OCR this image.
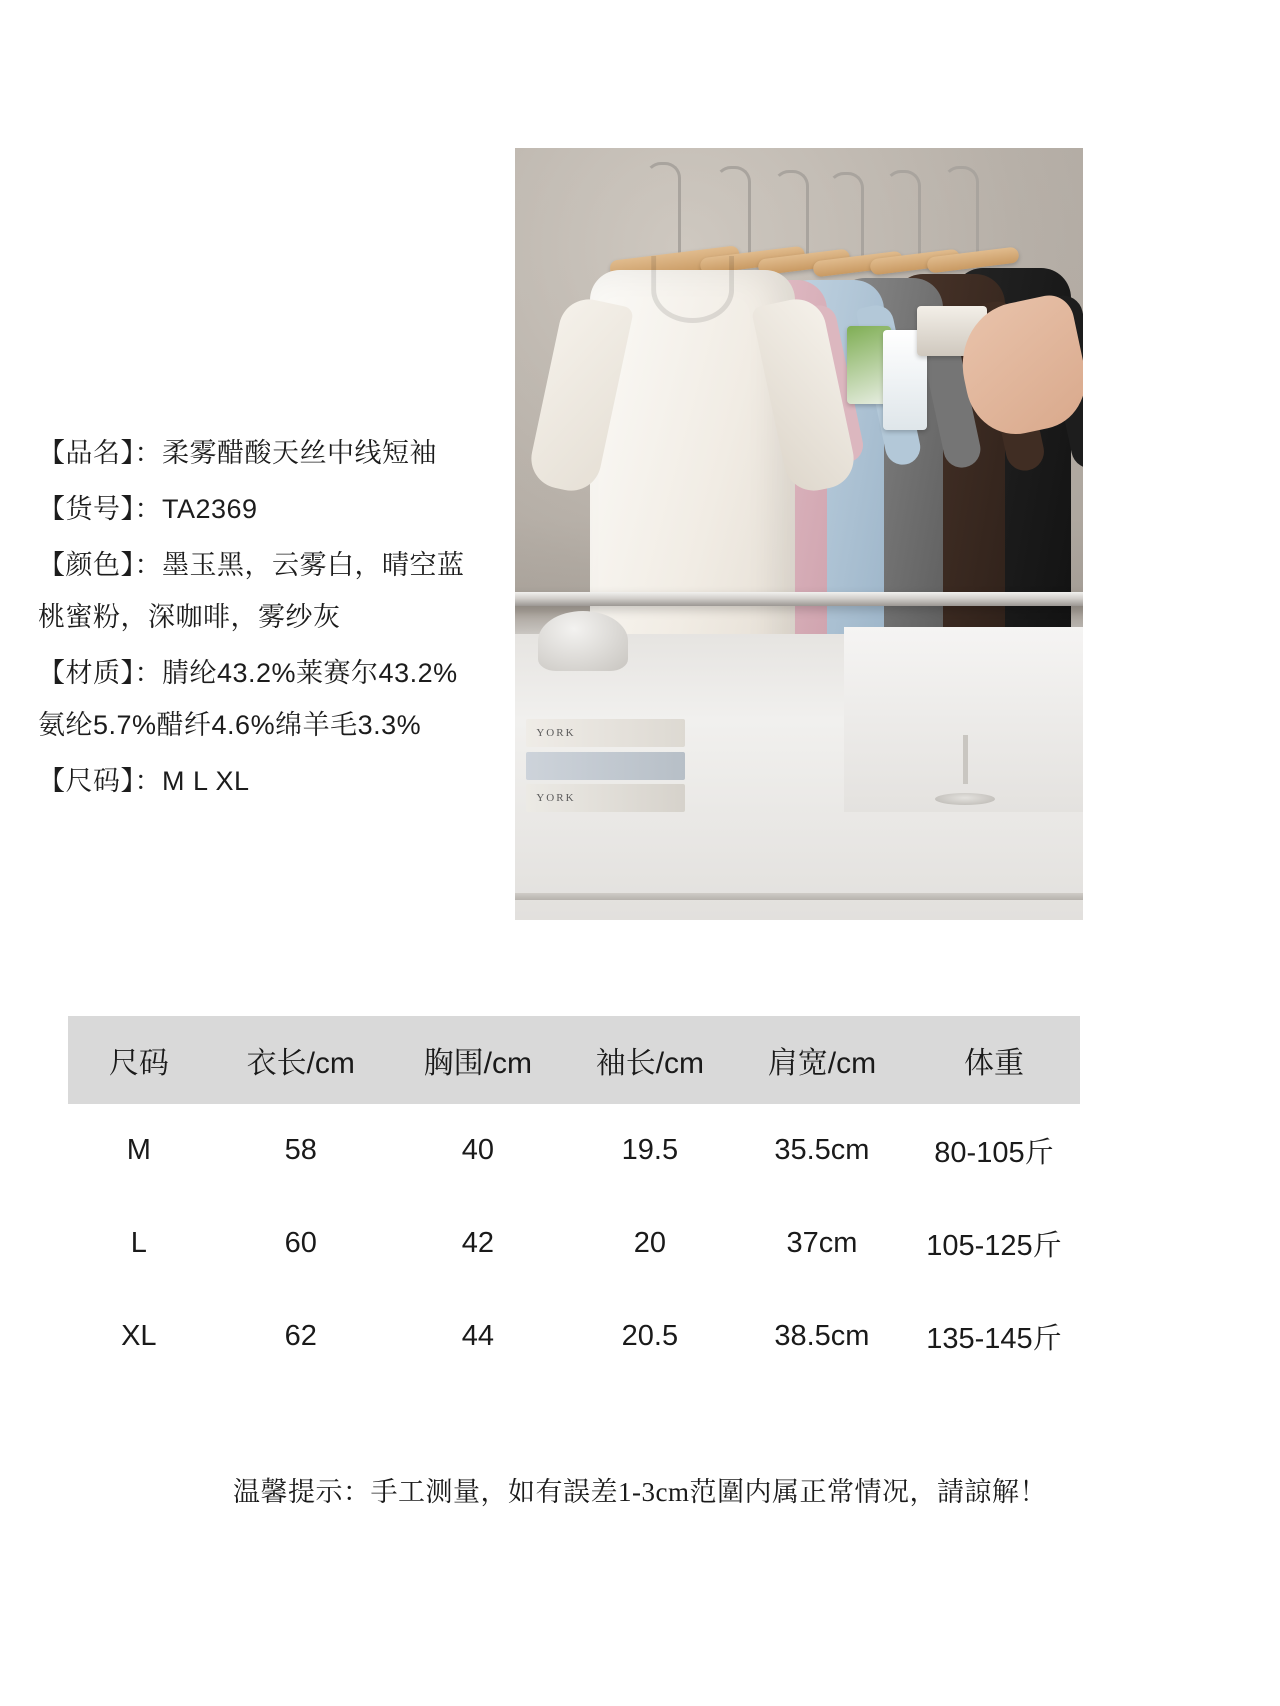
【品名】：柔雾醋酸天丝中线短袖
【货号】：TA2369
【颜色】：墨玉黑，云雾白，晴空蓝
桃蜜粉，深咖啡，雾纱灰
【材质】：腈纶43.2%莱赛尔43.2%
氨纶5.7%醋纤4.6%绵羊毛3.3%
【尺码】：M L XL
YORK
YORK
尺码	衣长/cm	胸围/cm	袖长/cm	肩宽/cm	体重
M	58	40	19.5	35.5cm	80-105斤
L	60	42	20	37cm	105-125斤
XL	62	44	20.5	38.5cm	135-145斤
温馨提示：手工测量，如有誤差1-3cm范圍内属正常情况，請諒解！
